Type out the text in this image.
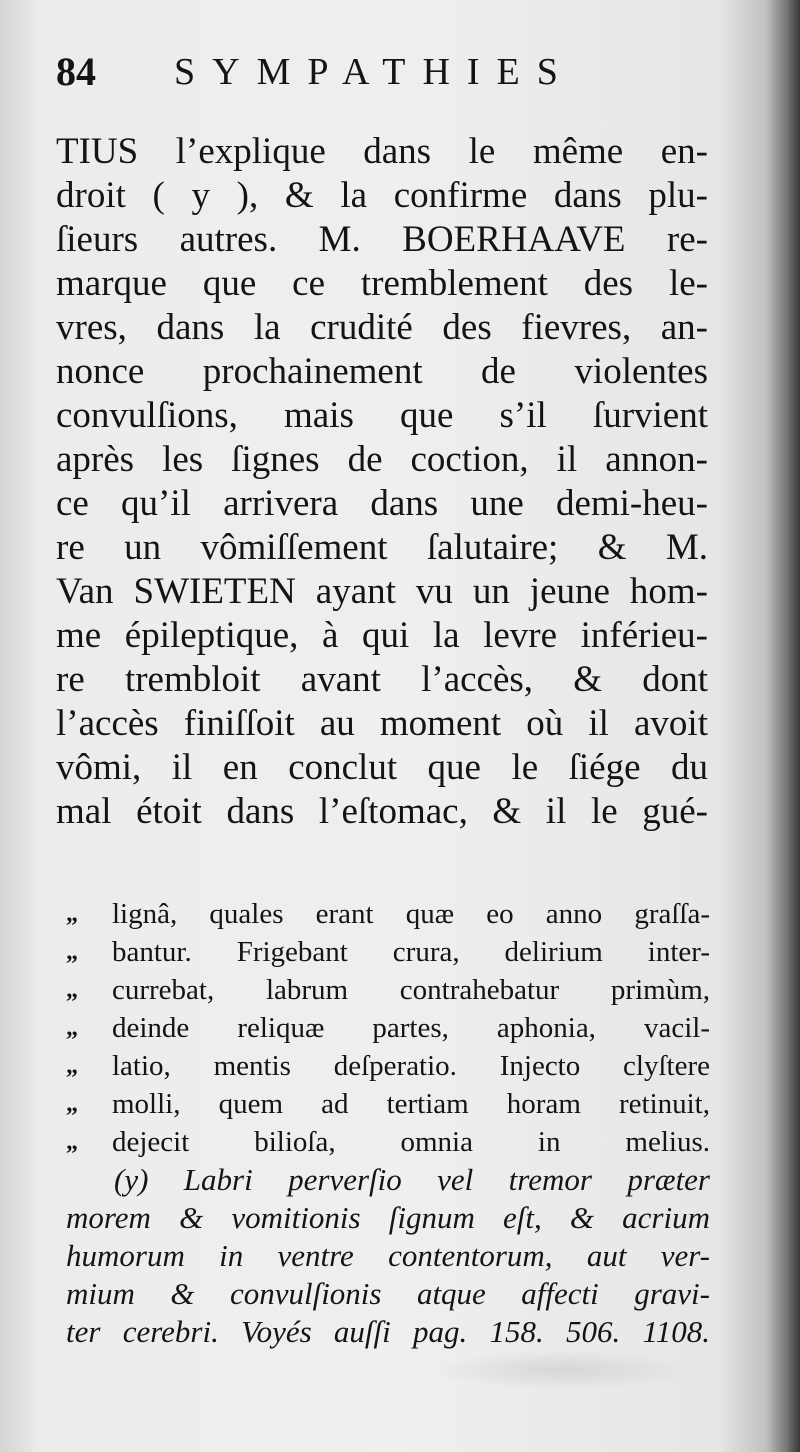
84 SYMPATHIES
TIUS l’explique dans le même en-
droit ( y ), & la confirme dans plu-
ſieurs autres. M. BOERHAAVE re-
marque que ce tremblement des le-
vres, dans la crudité des fievres, an-
nonce prochainement de violentes
convulſions, mais que s’il ſurvient
après les ſignes de coction, il annon-
ce qu’il arrivera dans une demi-heu-
re un vômiſſement ſalutaire; & M.
Van SWIETEN ayant vu un jeune hom-
me épileptique, à qui la levre inférieu-
re trembloit avant l’accès, & dont
l’accès finiſſoit au moment où il avoit
vômi, il en conclut que le ſiége du
mal étoit dans l’eſtomac, & il le gué-
„	lignâ, quales erant quæ eo anno graſſa-
„	bantur. Frigebant crura, delirium inter-
„	currebat, labrum contrahebatur primùm,
„	deinde reliquæ partes, aphonia, vacil-
„	latio, mentis deſperatio. Injecto clyſtere
„	molli, quem ad tertiam horam retinuit,
„	dejecit bilioſa, omnia in melius.
(y) Labri perverſio vel tremor præter
morem & vomitionis ſignum eſt, & acrium
humorum in ventre contentorum, aut ver-
mium & convulſionis atque affecti gravi-
ter cerebri. Voyés auſſi pag. 158. 506. 1108.
